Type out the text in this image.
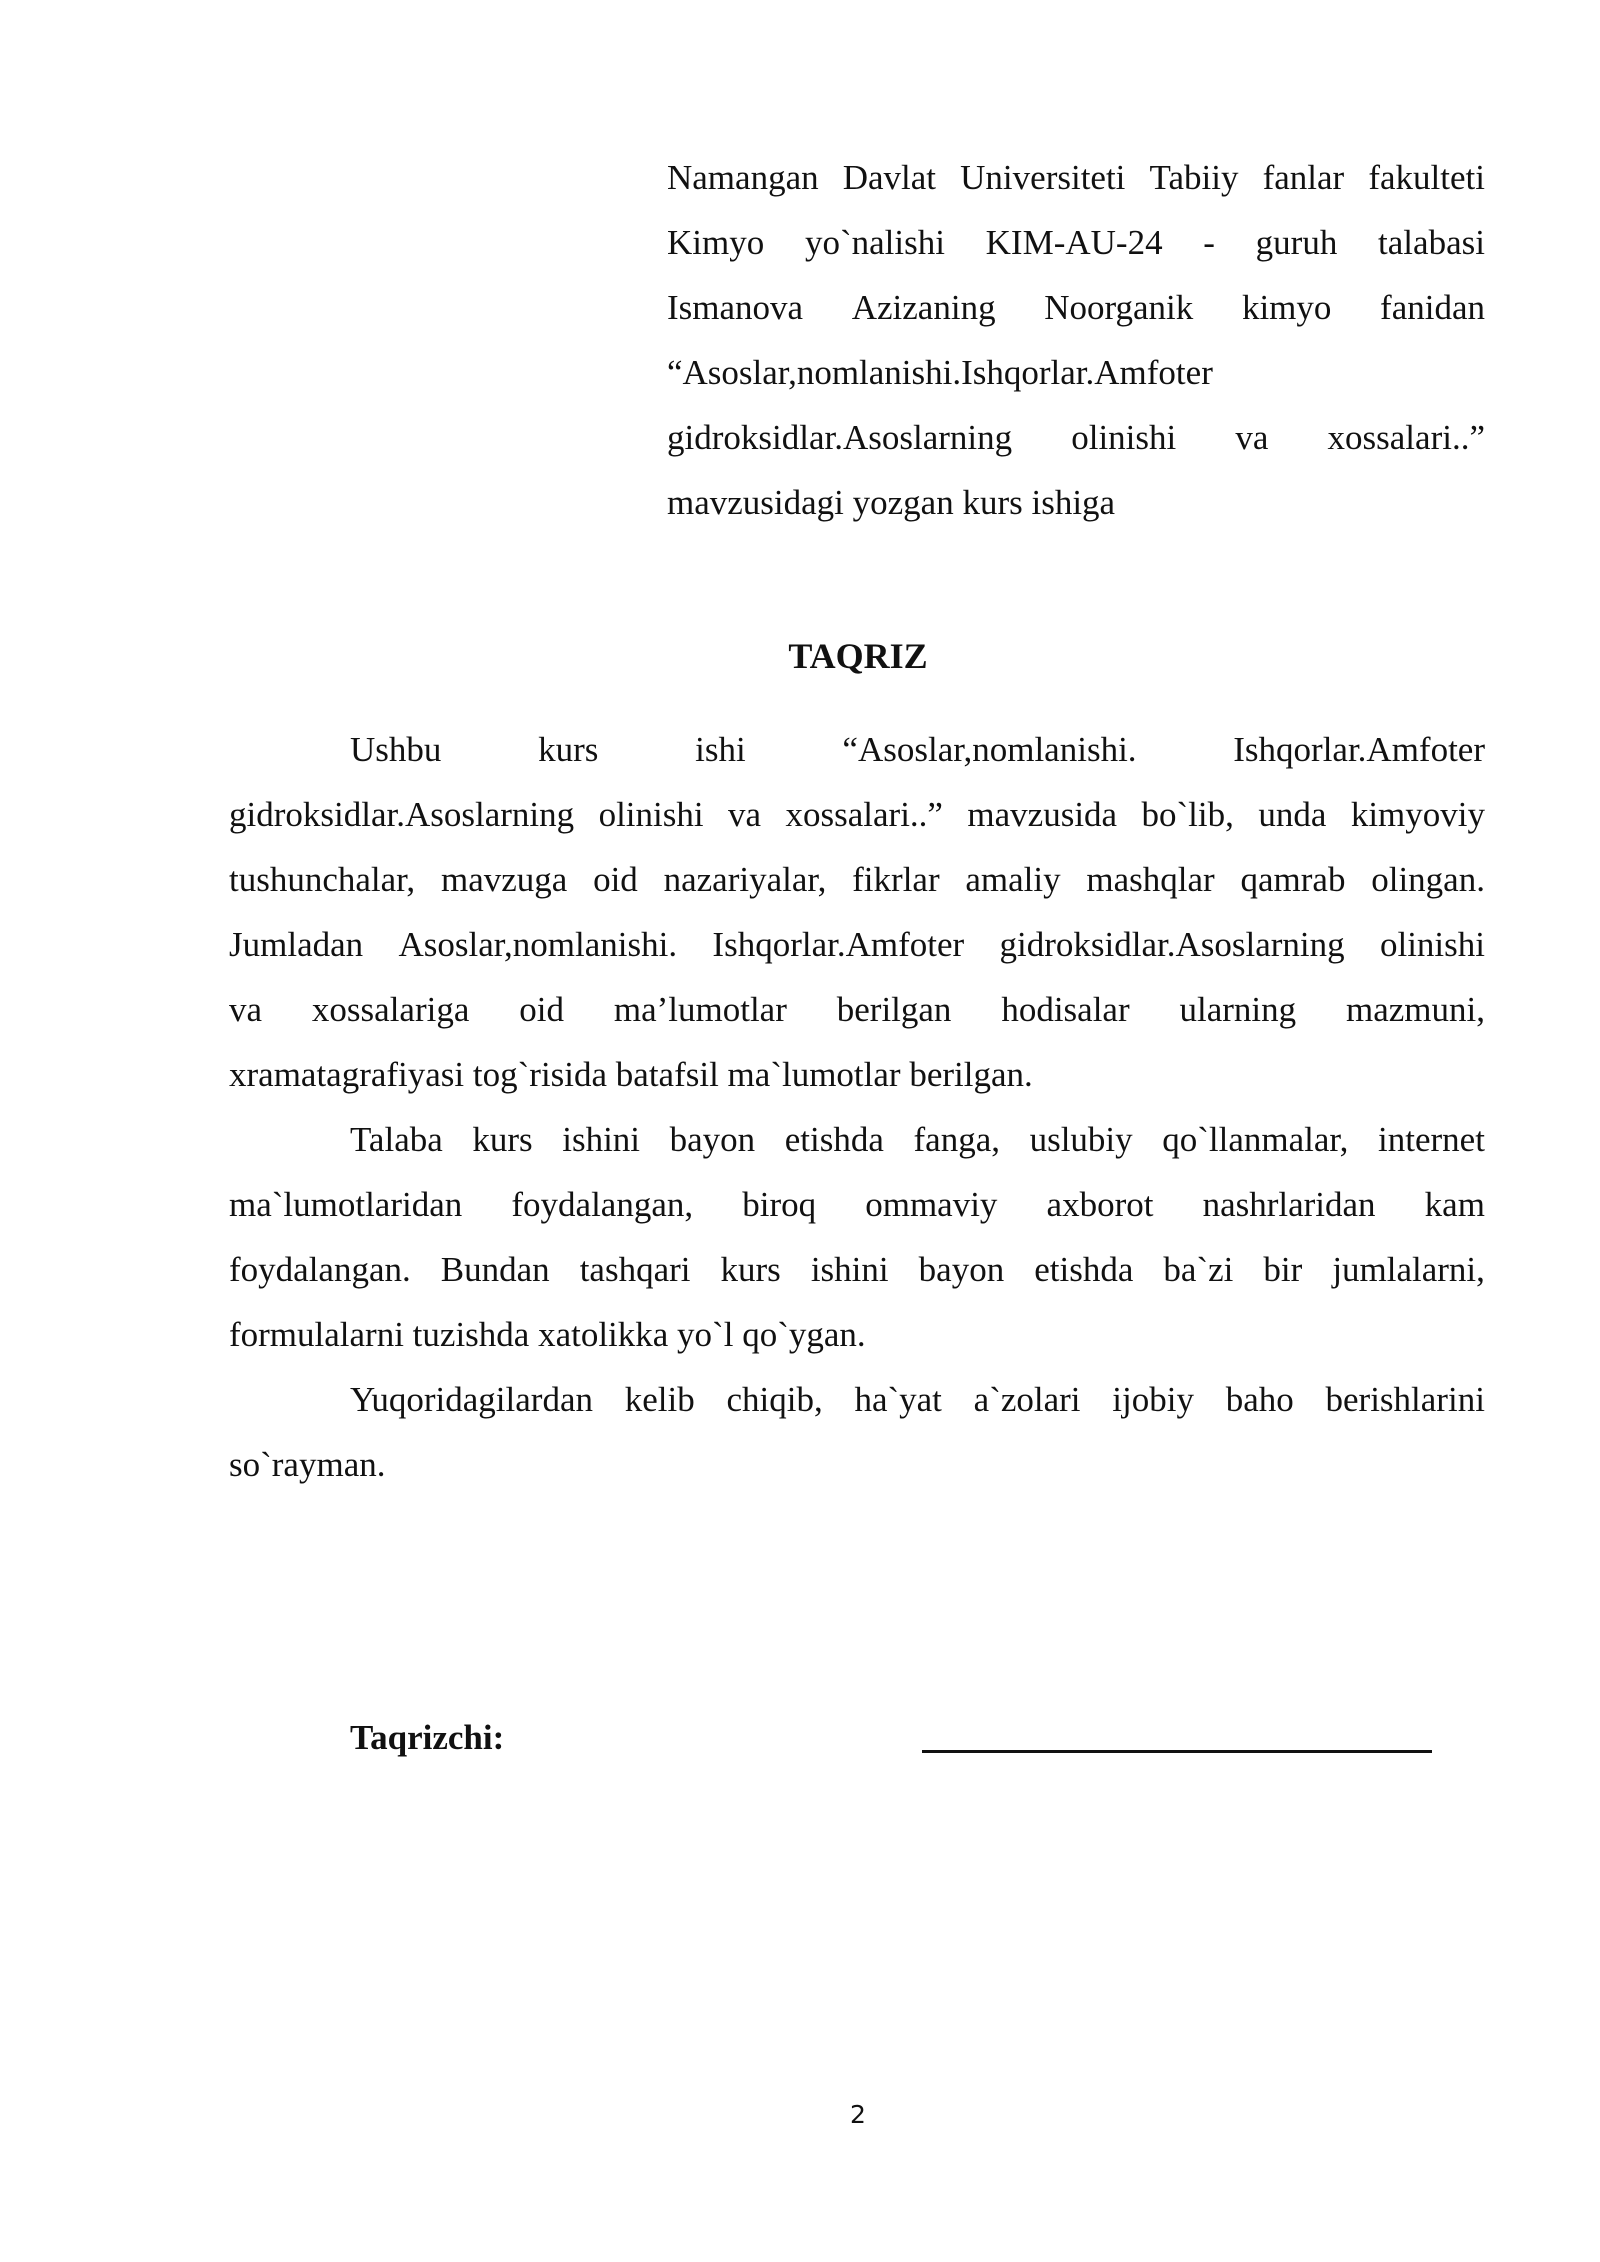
Namangan Davlat Universiteti Tabiiy fanlar fakulteti
Kimyo yo`nalishi KIM-AU-24 - guruh talabasi
Ismanova Azizaning Noorganik kimyo fanidan
“Asoslar,nomlanishi.Ishqorlar.Amfoter
gidroksidlar.Asoslarning olinishi va xossalari..”
mavzusidagi yozgan kurs ishiga
TAQRIZ
Ushbu	kurs	ishi	“Asoslar,nomlanishi.	Ishqorlar.Amfoter
gidroksidlar.Asoslarning olinishi va xossalari..” mavzusida bo`lib, unda kimyoviy
tushunchalar, mavzuga oid nazariyalar, fikrlar amaliy mashqlar qamrab olingan.
Jumladan Asoslar,nomlanishi. Ishqorlar.Amfoter gidroksidlar.Asoslarning olinishi
va xossalariga oid ma’lumotlar berilgan hodisalar ularning mazmuni,
xramatagrafiyasi tog`risida batafsil ma`lumotlar berilgan.
Talaba kurs ishini bayon etishda fanga, uslubiy qo`llanmalar, internet
ma`lumotlaridan foydalangan, biroq ommaviy axborot nashrlaridan kam
foydalangan. Bundan tashqari kurs ishini bayon etishda ba`zi bir jumlalarni,
formulalarni tuzishda xatolikka yo`l qo`ygan.
Yuqoridagilardan kelib chiqib, ha`yat a`zolari ijobiy baho berishlarini
so`rayman.
Taqrizchi:
2
